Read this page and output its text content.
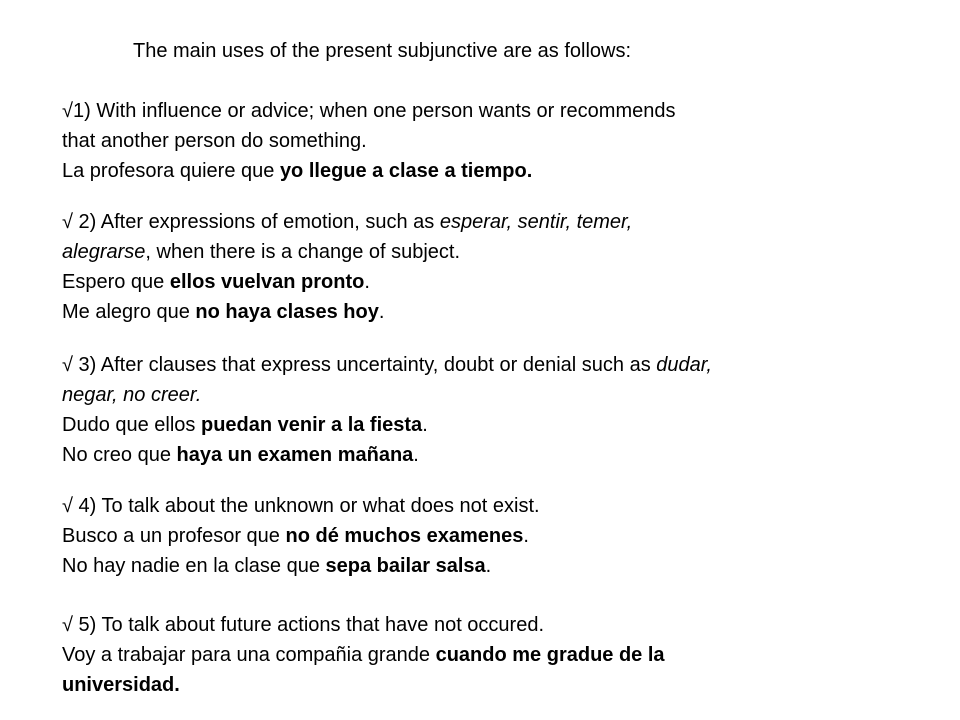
The main uses of the present subjunctive are as follows:
√1) With influence or advice; when one person wants or recommends
that another person do something.
La profesora quiere que yo llegue a clase a tiempo.
√ 2) After expressions of emotion, such as esperar, sentir, temer,
alegrarse, when there is a change of subject.
Espero que ellos vuelvan pronto.
Me alegro que no haya clases hoy.
√ 3) After clauses that express uncertainty, doubt or denial such as dudar,
negar, no creer.
Dudo que ellos puedan venir a la fiesta.
No creo que haya un examen mañana.
√ 4) To talk about the unknown or what does not exist.
Busco a un profesor que no dé muchos examenes.
No hay nadie en la clase que sepa bailar salsa.
√ 5) To talk about future actions that have not occured.
Voy a trabajar para una compañia grande cuando me gradue de la
universidad.
